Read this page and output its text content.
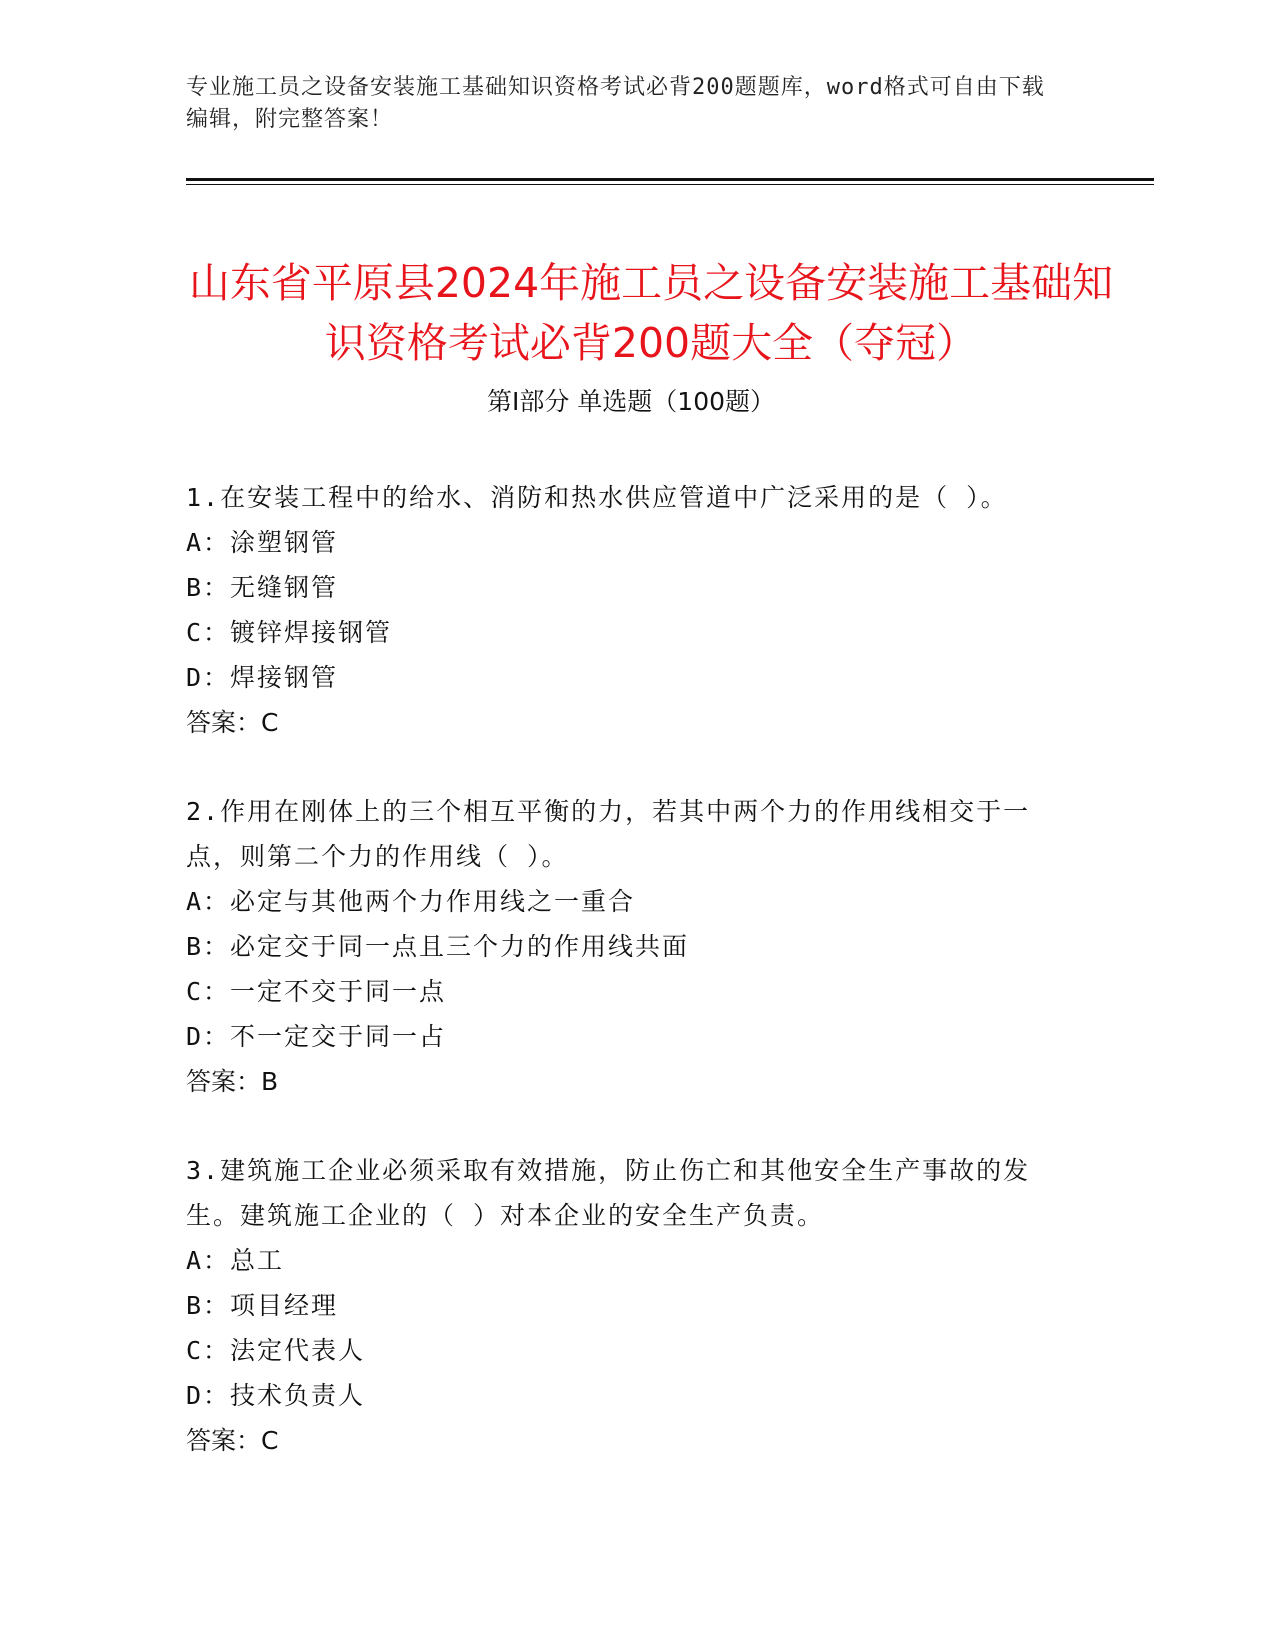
专业施工员之设备安装施工基础知识资格考试必背200题题库，word格式可自由下载编辑，附完整答案！
山东省平原县2024年施工员之设备安装施工基础知识资格考试必背200题大全（夺冠）
第Ⅰ部分 单选题（100题）
1.在安装工程中的给水、消防和热水供应管道中广泛采用的是（ ）。
A：涂塑钢管
B：无缝钢管
C：镀锌焊接钢管
D：焊接钢管
答案：C
2.作用在刚体上的三个相互平衡的力，若其中两个力的作用线相交于一点，则第二个力的作用线（ ）。
A：必定与其他两个力作用线之一重合
B：必定交于同一点且三个力的作用线共面
C：一定不交于同一点
D：不一定交于同一占
答案：B
3.建筑施工企业必须采取有效措施，防止伤亡和其他安全生产事故的发生。建筑施工企业的（ ）对本企业的安全生产负责。
A：总工
B：项目经理
C：法定代表人
D：技术负责人
答案：C
